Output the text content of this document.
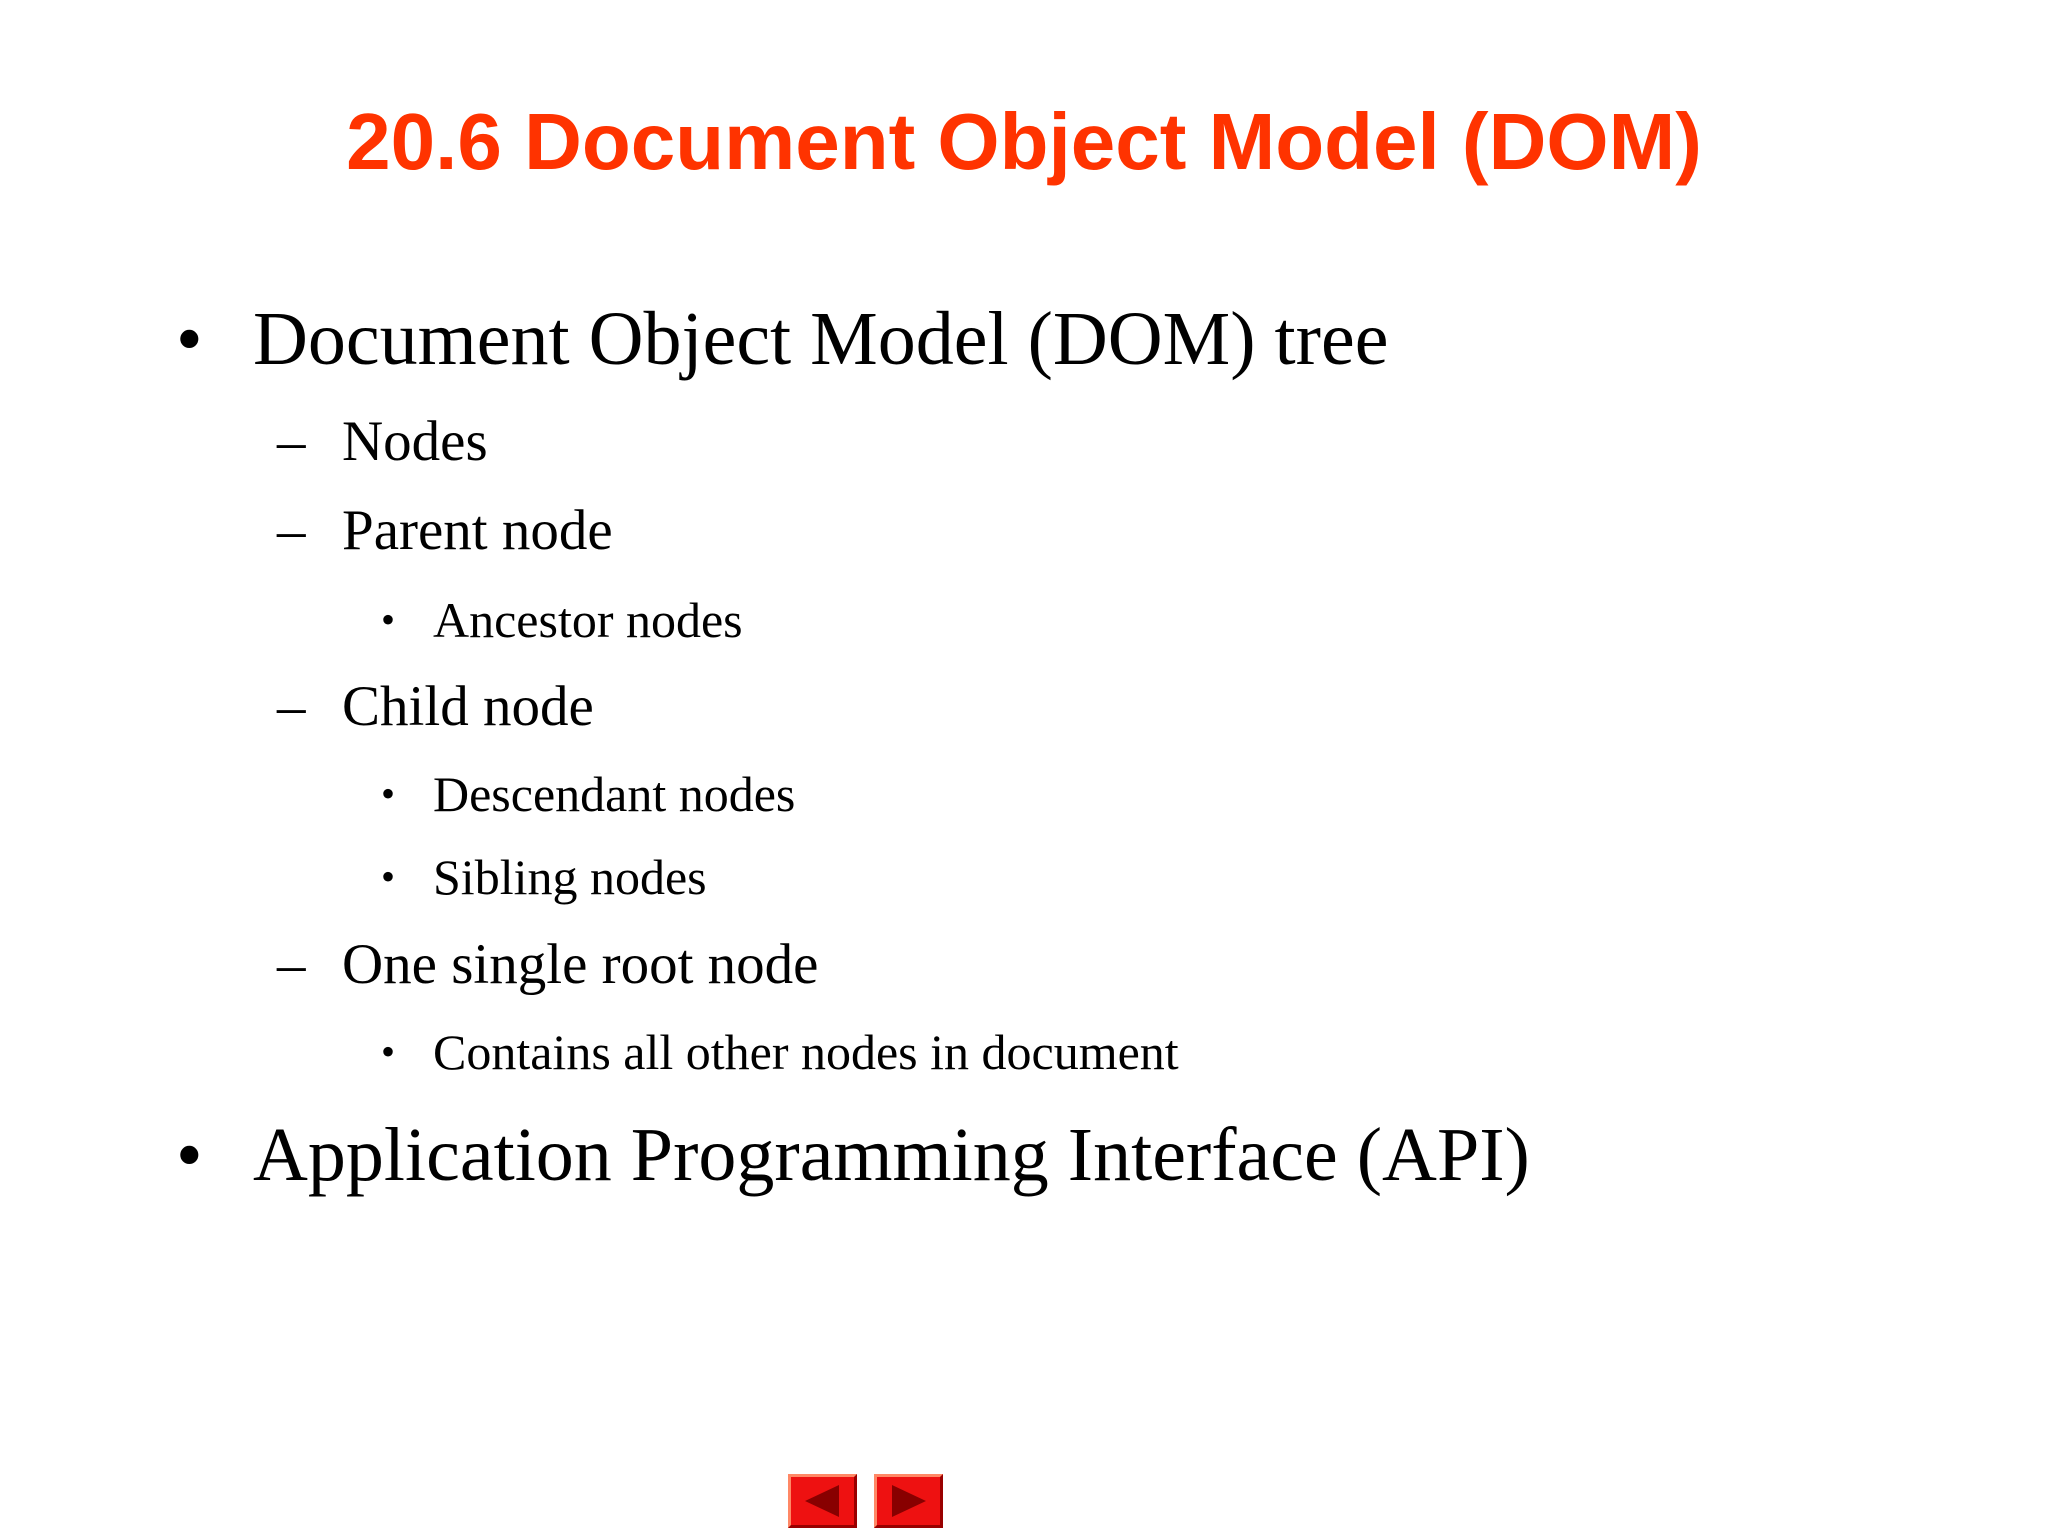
20.6 Document Object Model (DOM)
• Document Object Model (DOM) tree
– Nodes
– Parent node
• Ancestor nodes
– Child node
• Descendant nodes
• Sibling nodes
– One single root node
• Contains all other nodes in document
• Application Programming Interface (API)
